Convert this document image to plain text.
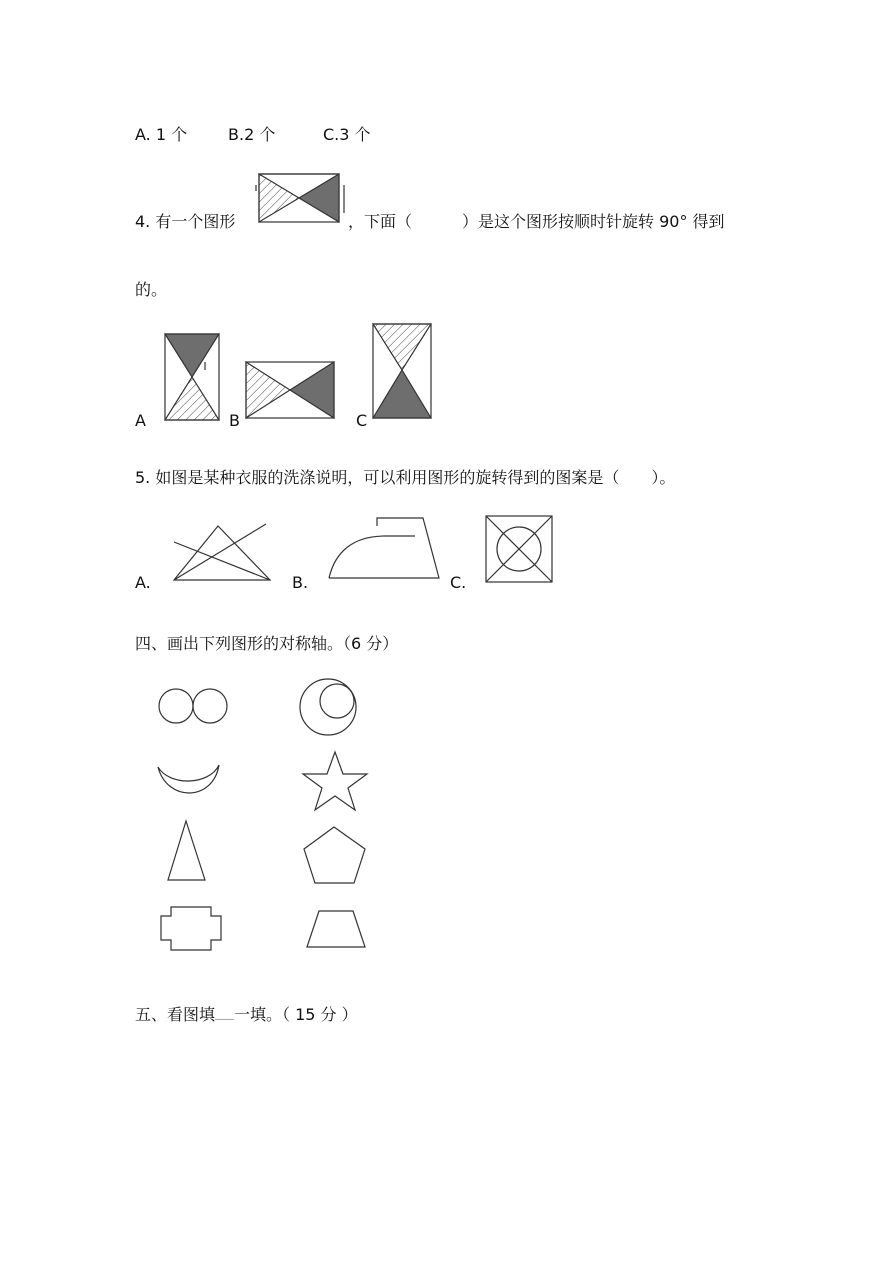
A. 1 个	B.2 个	C.3 个
4. 有一个图形	，下面（	）是这个图形按顺时针旋转 90° 得到
的。
A	B	C
5. 如图是某种衣服的洗涤说明，可以利用图形的旋转得到的图案是（　　）。
A.	B.	C.
四、画出下列图形的对称轴。（6 分）
五、看图填 一填。（ 15 分 ）
